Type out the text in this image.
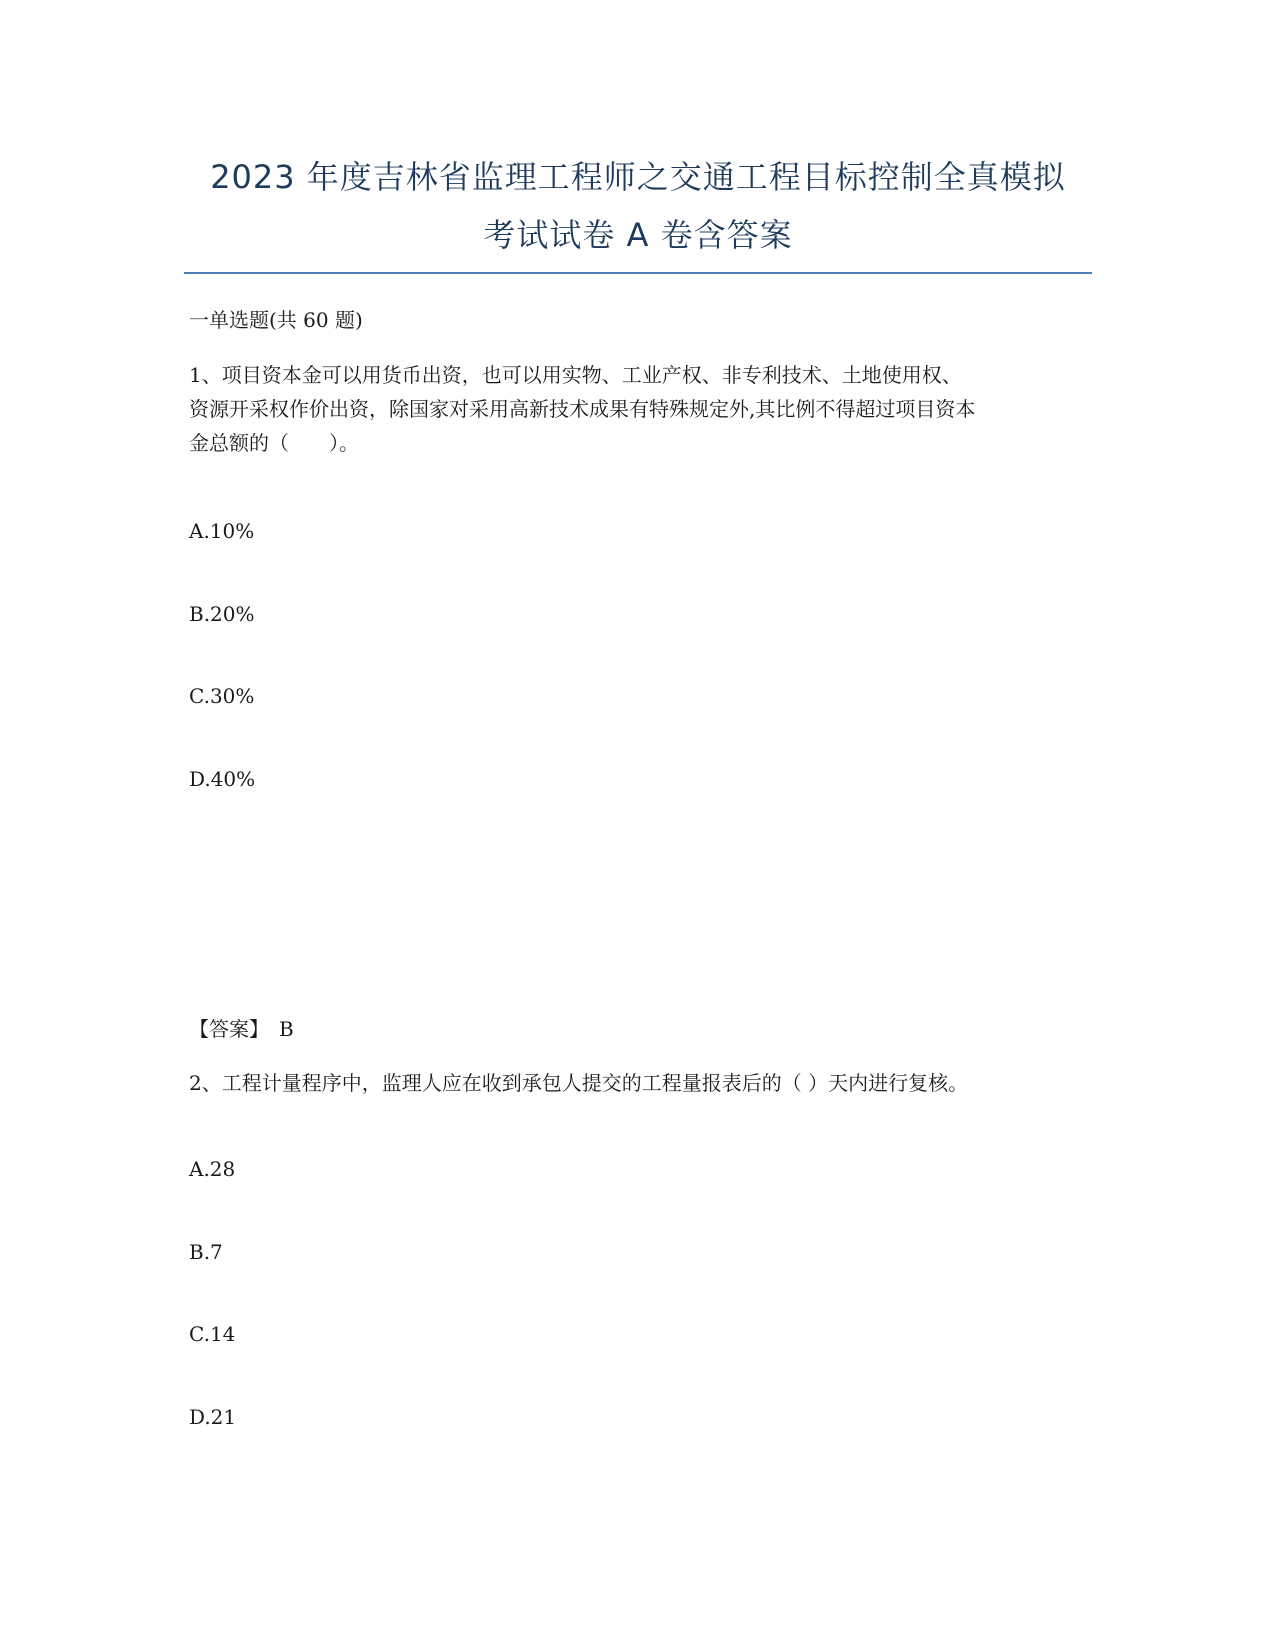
2023 年度吉林省监理工程师之交通工程目标控制全真模拟
考试试卷 A 卷含答案
一单选题(共 60 题)
1、项目资本金可以用货币出资，也可以用实物、工业产权、非专利技术、土地使用权、
资源开采权作价出资，除国家对采用高新技术成果有特殊规定外,其比例不得超过项目资本
金总额的（　　）。
A.10%
B.20%
C.30%
D.40%
【答案】　B
2、工程计量程序中，监理人应在收到承包人提交的工程量报表后的（ ）天内进行复核。
A.28
B.7
C.14
D.21
